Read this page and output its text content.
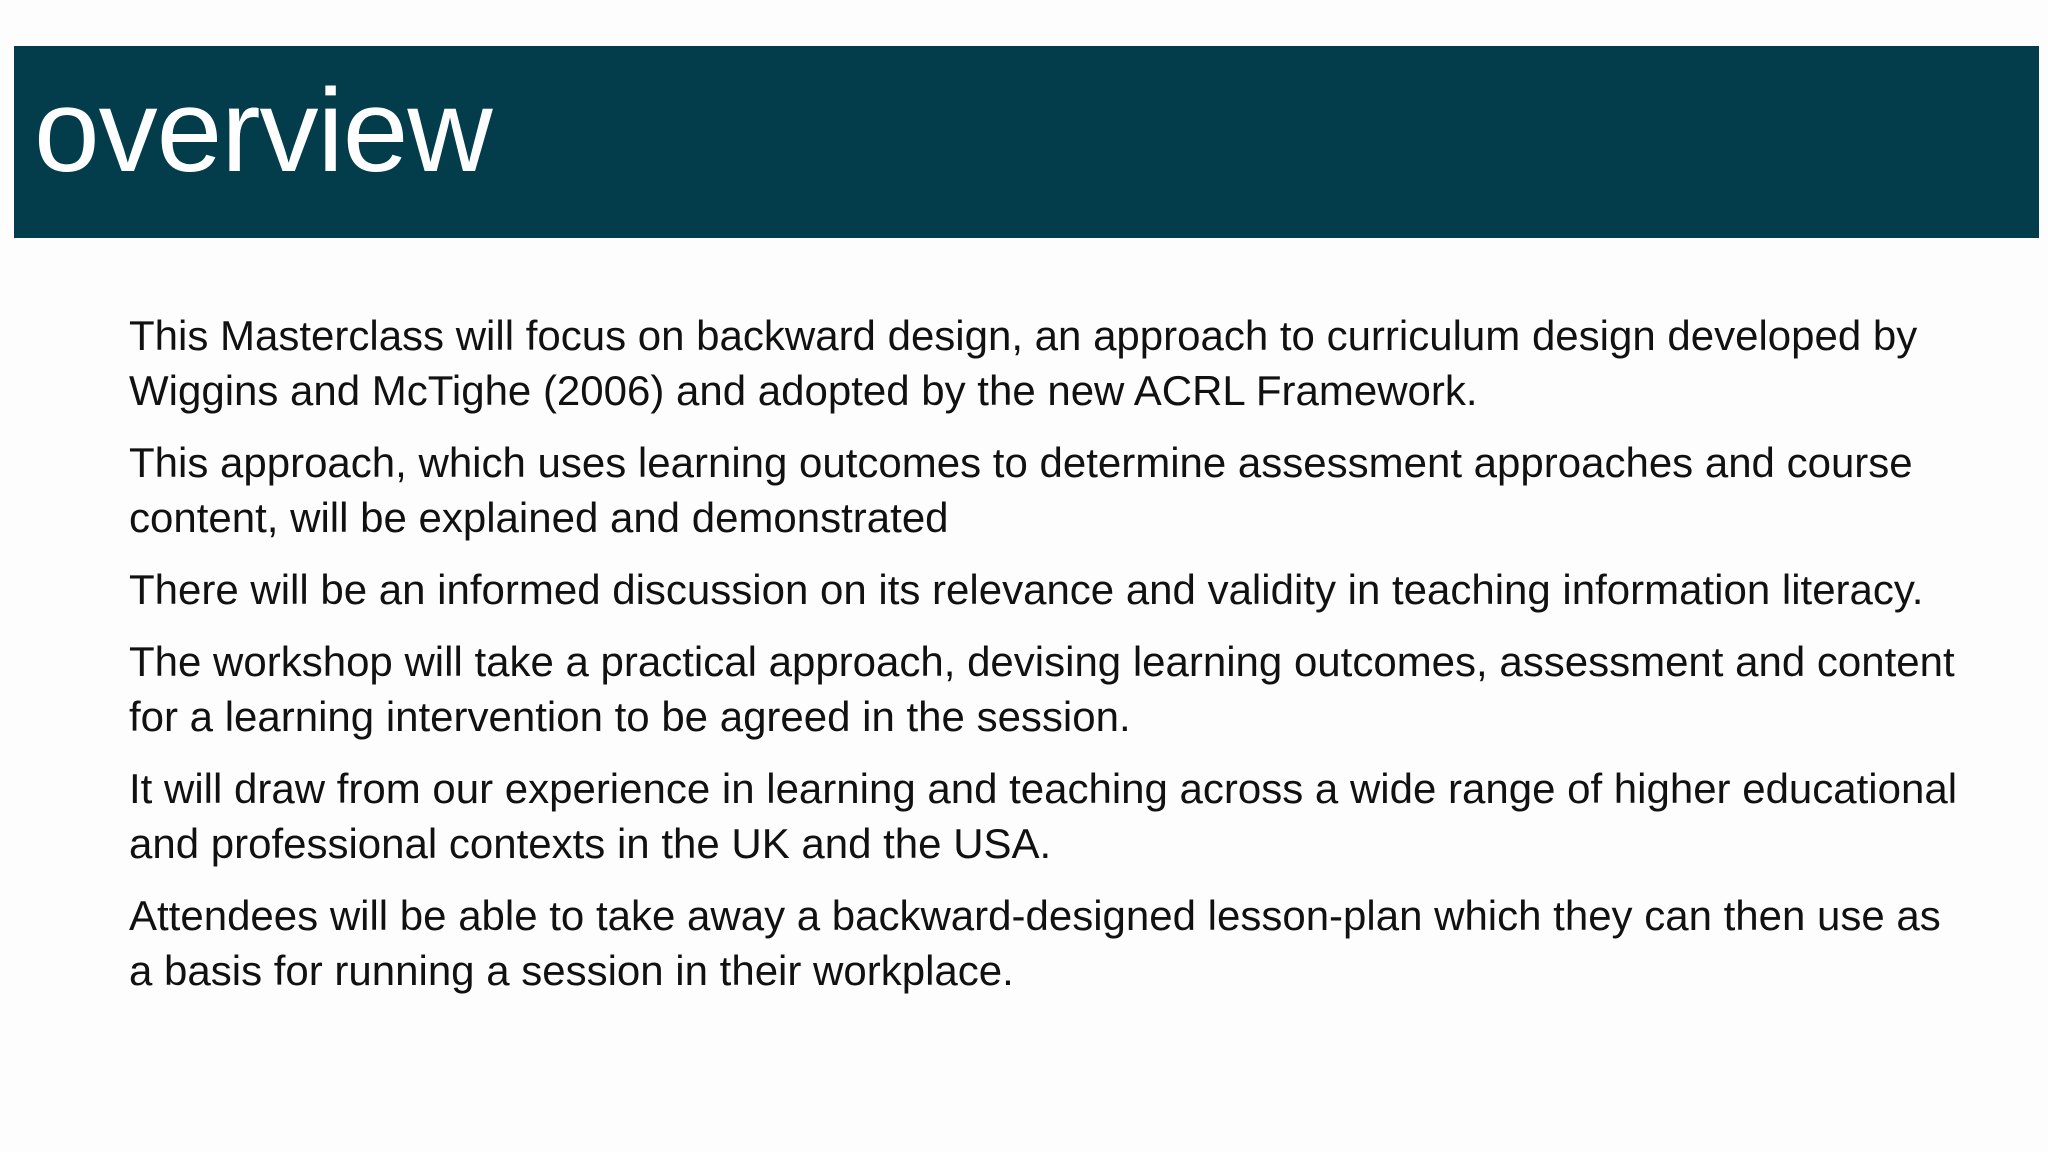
overview

This Masterclass will focus on backward design, an approach to curriculum design developed by Wiggins and McTighe (2006) and adopted by the new ACRL Framework.

This approach, which uses learning outcomes to determine assessment approaches and course content, will be explained and demonstrated

There will be an informed discussion on its relevance and validity in teaching information literacy.

The workshop will take a practical approach, devising learning outcomes, assessment and content for a learning intervention to be agreed in the session.

It will draw from our experience in learning and teaching across a wide range of higher educational and professional contexts in the UK and the USA.

Attendees will be able to take away a backward-designed lesson-plan which they can then use as a basis for running a session in their workplace.
